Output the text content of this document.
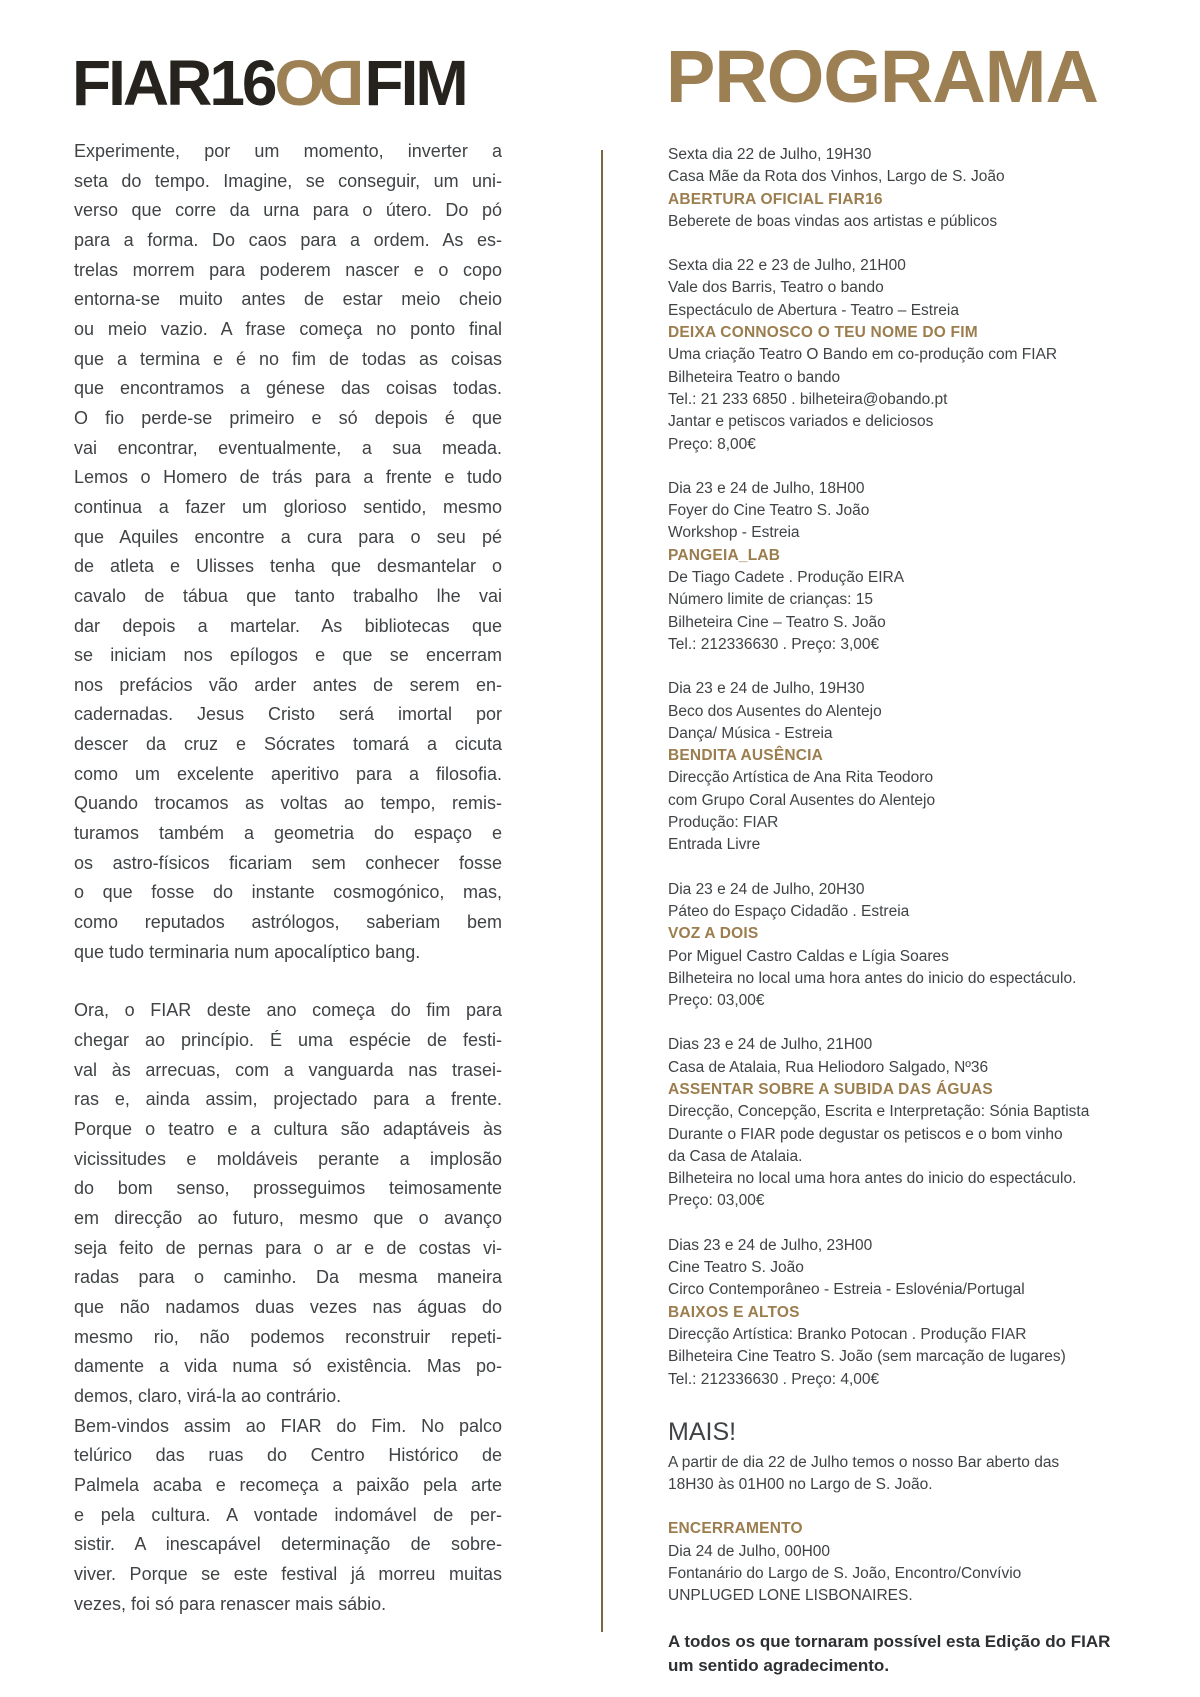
FIAR16ODFIM	PROGRAMA
Experimente, por um momento, inverter a
seta do tempo. Imagine, se conseguir, um uni-
verso que corre da urna para o útero. Do pó
para a forma. Do caos para a ordem. As es-
trelas morrem para poderem nascer e o copo
entorna-se muito antes de estar meio cheio
ou meio vazio. A frase começa no ponto final
que a termina e é no fim de todas as coisas
que encontramos a génese das coisas todas.
O fio perde-se primeiro e só depois é que
vai encontrar, eventualmente, a sua meada.
Lemos o Homero de trás para a frente e tudo
continua a fazer um glorioso sentido, mesmo
que Aquiles encontre a cura para o seu pé
de atleta e Ulisses tenha que desmantelar o
cavalo de tábua que tanto trabalho lhe vai
dar depois a martelar. As bibliotecas que
se iniciam nos epílogos e que se encerram
nos prefácios vão arder antes de serem en-
cadernadas. Jesus Cristo será imortal por
descer da cruz e Sócrates tomará a cicuta
como um excelente aperitivo para a filosofia.
Quando trocamos as voltas ao tempo, remis-
turamos também a geometria do espaço e
os astro-físicos ficariam sem conhecer fosse
o que fosse do instante cosmogónico, mas,
como reputados astrólogos, saberiam bem
que tudo terminaria num apocalíptico bang.
Ora, o FIAR deste ano começa do fim para
chegar ao princípio. É uma espécie de festi-
val às arrecuas, com a vanguarda nas trasei-
ras e, ainda assim, projectado para a frente.
Porque o teatro e a cultura são adaptáveis às
vicissitudes e moldáveis perante a implosão
do bom senso, prosseguimos teimosamente
em direcção ao futuro, mesmo que o avanço
seja feito de pernas para o ar e de costas vi-
radas para o caminho. Da mesma maneira
que não nadamos duas vezes nas águas do
mesmo rio, não podemos reconstruir repeti-
damente a vida numa só existência. Mas po-
demos, claro, virá-la ao contrário.
Bem-vindos assim ao FIAR do Fim. No palco
telúrico das ruas do Centro Histórico de
Palmela acaba e recomeça a paixão pela arte
e pela cultura. A vontade indomável de per-
sistir. A inescapável determinação de sobre-
viver. Porque se este festival já morreu muitas
vezes, foi só para renascer mais sábio.
Sexta dia 22 de Julho, 19H30
Casa Mãe da Rota dos Vinhos, Largo de S. João
ABERTURA OFICIAL FIAR16
Beberete de boas vindas aos artistas e públicos
Sexta dia 22 e 23 de Julho, 21H00
Vale dos Barris, Teatro o bando
Espectáculo de Abertura - Teatro – Estreia
DEIXA CONNOSCO O TEU NOME DO FIM
Uma criação Teatro O Bando em co-produção com FIAR
Bilheteira Teatro o bando
Tel.: 21 233 6850 . bilheteira@obando.pt
Jantar e petiscos variados e deliciosos
Preço: 8,00€
Dia 23 e 24 de Julho, 18H00
Foyer do Cine Teatro S. João
Workshop - Estreia
PANGEIA_LAB
De Tiago Cadete . Produção EIRA
Número limite de crianças: 15
Bilheteira Cine – Teatro S. João
Tel.: 212336630 . Preço: 3,00€
Dia 23 e 24 de Julho, 19H30
Beco dos Ausentes do Alentejo
Dança/ Música - Estreia
BENDITA AUSÊNCIA
Direcção Artística de Ana Rita Teodoro
com Grupo Coral Ausentes do Alentejo
Produção: FIAR
Entrada Livre
Dia 23 e 24 de Julho, 20H30
Páteo do Espaço Cidadão . Estreia
VOZ A DOIS
Por Miguel Castro Caldas e Lígia Soares
Bilheteira no local uma hora antes do inicio do espectáculo.
Preço: 03,00€
Dias 23 e 24 de Julho, 21H00
Casa de Atalaia, Rua Heliodoro Salgado, Nº36
ASSENTAR SOBRE A SUBIDA DAS ÁGUAS
Direcção, Concepção, Escrita e Interpretação: Sónia Baptista
Durante o FIAR pode degustar os petiscos e o bom vinho
da Casa de Atalaia.
Bilheteira no local uma hora antes do inicio do espectáculo.
Preço: 03,00€
Dias 23 e 24 de Julho, 23H00
Cine Teatro S. João
Circo Contemporâneo - Estreia - Eslovénia/Portugal
BAIXOS E ALTOS
Direcção Artística: Branko Potocan . Produção FIAR
Bilheteira Cine Teatro S. João (sem marcação de lugares)
Tel.: 212336630 . Preço: 4,00€
MAIS!
A partir de dia 22 de Julho temos o nosso Bar aberto das
18H30 às 01H00 no Largo de S. João.
ENCERRAMENTO
Dia 24 de Julho, 00H00
Fontanário do Largo de S. João, Encontro/Convívio
UNPLUGED LONE LISBONAIRES.
A todos os que tornaram possível esta Edição do FIAR
um sentido agradecimento.
